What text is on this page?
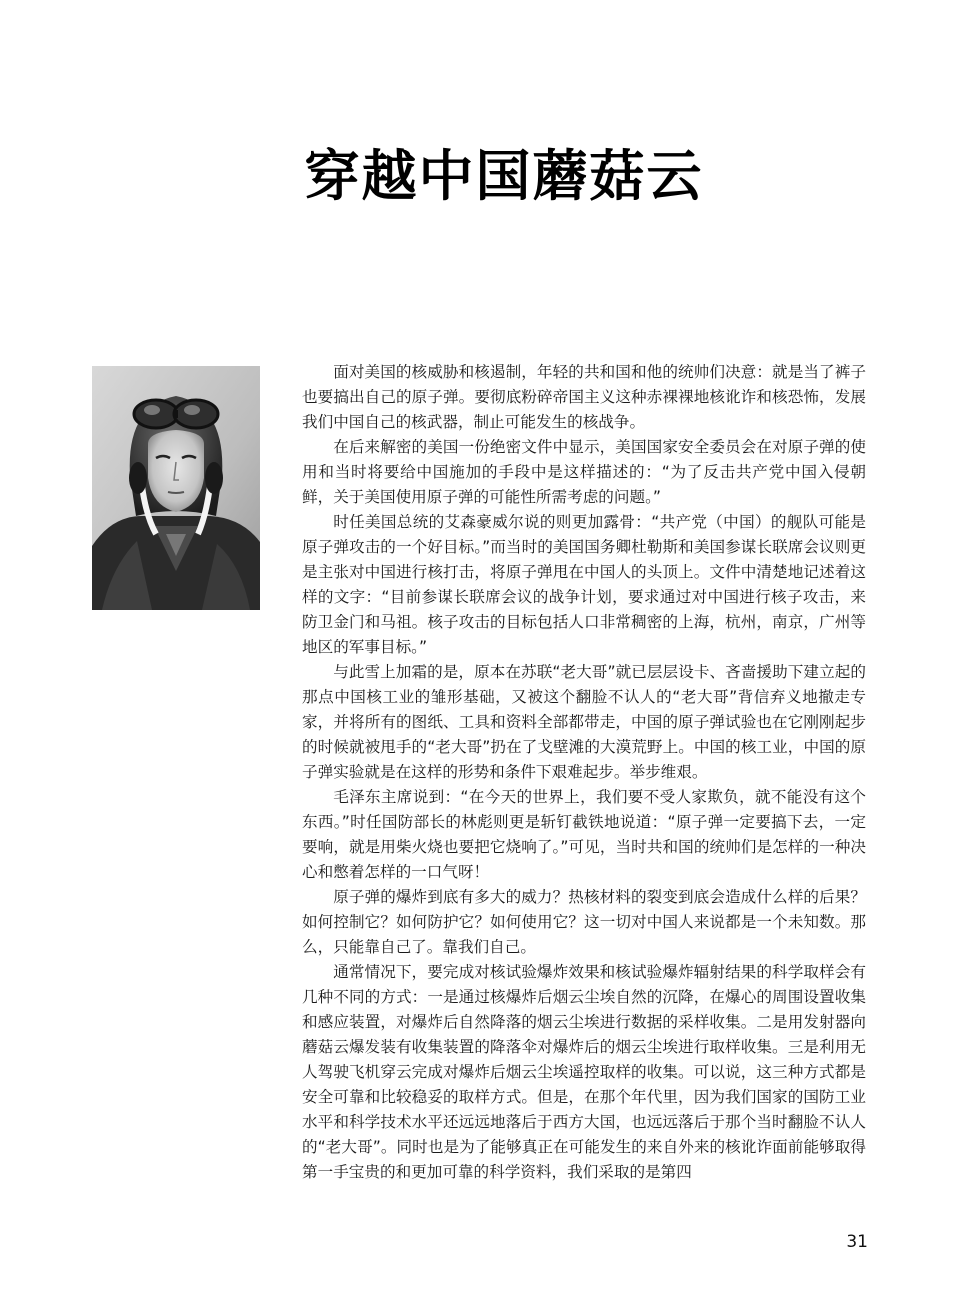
穿越中国蘑菇云

面对美国的核威胁和核遏制，年轻的共和国和他的统帅们决意：就是当了裤子也要搞出自己的原子弹。要彻底粉碎帝国主义这种赤裸裸地核讹诈和核恐怖，发展我们中国自己的核武器，制止可能发生的核战争。

在后来解密的美国一份绝密文件中显示，美国国家安全委员会在对原子弹的使用和当时将要给中国施加的手段中是这样描述的：“为了反击共产党中国入侵朝鲜，关于美国使用原子弹的可能性所需考虑的问题。”

时任美国总统的艾森豪威尔说的则更加露骨：“共产党（中国）的舰队可能是原子弹攻击的一个好目标。”而当时的美国国务卿杜勒斯和美国参谋长联席会议则更是主张对中国进行核打击，将原子弹甩在中国人的头顶上。文件中清楚地记述着这样的文字：“目前参谋长联席会议的战争计划，要求通过对中国进行核子攻击，来防卫金门和马祖。核子攻击的目标包括人口非常稠密的上海，杭州，南京，广州等地区的军事目标。”

与此雪上加霜的是，原本在苏联“老大哥”就已层层设卡、吝啬援助下建立起的那点中国核工业的雏形基础，又被这个翻脸不认人的“老大哥”背信弃义地撤走专家，并将所有的图纸、工具和资料全部都带走，中国的原子弹试验也在它刚刚起步的时候就被甩手的“老大哥”扔在了戈壁滩的大漠荒野上。中国的核工业，中国的原子弹实验就是在这样的形势和条件下艰难起步。举步维艰。

毛泽东主席说到：“在今天的世界上，我们要不受人家欺负，就不能没有这个东西。”时任国防部长的林彪则更是斩钉截铁地说道：“原子弹一定要搞下去，一定要响，就是用柴火烧也要把它烧响了。”可见，当时共和国的统帅们是怎样的一种决心和憋着怎样的一口气呀！

原子弹的爆炸到底有多大的威力？热核材料的裂变到底会造成什么样的后果？如何控制它？如何防护它？如何使用它？这一切对中国人来说都是一个未知数。那么，只能靠自己了。靠我们自己。

通常情况下，要完成对核试验爆炸效果和核试验爆炸辐射结果的科学取样会有几种不同的方式：一是通过核爆炸后烟云尘埃自然的沉降，在爆心的周围设置收集和感应装置，对爆炸后自然降落的烟云尘埃进行数据的采样收集。二是用发射器向蘑菇云爆发装有收集装置的降落伞对爆炸后的烟云尘埃进行取样收集。三是利用无人驾驶飞机穿云完成对爆炸后烟云尘埃遥控取样的收集。可以说，这三种方式都是安全可靠和比较稳妥的取样方式。但是，在那个年代里，因为我们国家的国防工业水平和科学技术水平还远远地落后于西方大国，也远远落后于那个当时翻脸不认人的“老大哥”。同时也是为了能够真正在可能发生的来自外来的核讹诈面前能够取得第一手宝贵的和更加可靠的科学资料，我们采取的是第四

31
